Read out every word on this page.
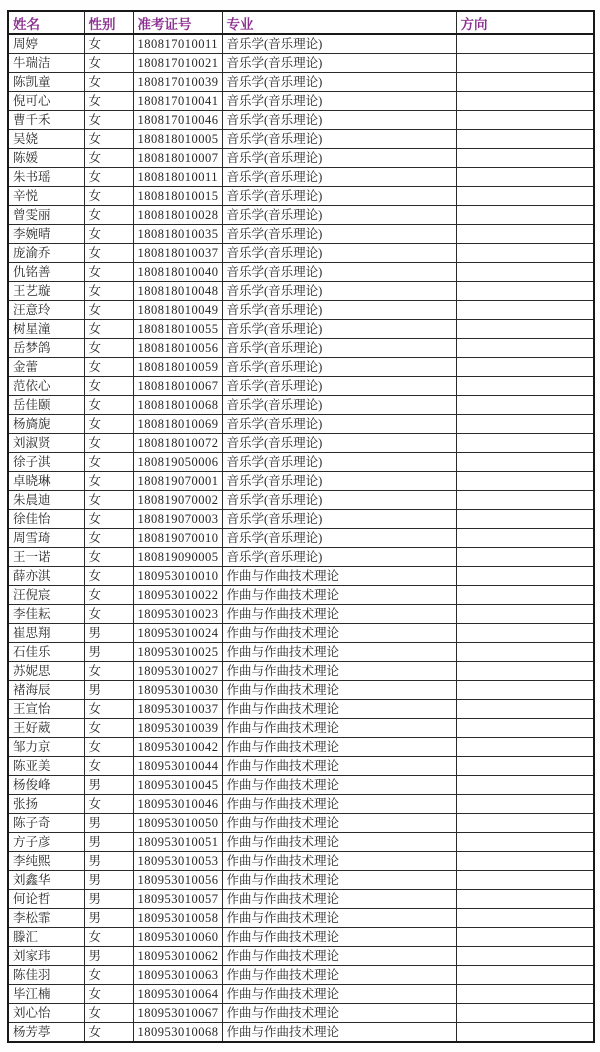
姓名	性别	准考证号	专业	方向
周婷	女	180817010011	音乐学(音乐理论)	
牛瑞洁	女	180817010021	音乐学(音乐理论)	
陈凯童	女	180817010039	音乐学(音乐理论)	
倪可心	女	180817010041	音乐学(音乐理论)	
曹千禾	女	180817010046	音乐学(音乐理论)	
吴娆	女	180818010005	音乐学(音乐理论)	
陈媛	女	180818010007	音乐学(音乐理论)	
朱书瑶	女	180818010011	音乐学(音乐理论)	
辛悦	女	180818010015	音乐学(音乐理论)	
曾雯丽	女	180818010028	音乐学(音乐理论)	
李婉晴	女	180818010035	音乐学(音乐理论)	
庞渝乔	女	180818010037	音乐学(音乐理论)	
仇铭善	女	180818010040	音乐学(音乐理论)	
王艺璇	女	180818010048	音乐学(音乐理论)	
汪意玲	女	180818010049	音乐学(音乐理论)	
树星潼	女	180818010055	音乐学(音乐理论)	
岳梦鸽	女	180818010056	音乐学(音乐理论)	
金蕾	女	180818010059	音乐学(音乐理论)	
范依心	女	180818010067	音乐学(音乐理论)	
岳佳颐	女	180818010068	音乐学(音乐理论)	
杨旖旎	女	180818010069	音乐学(音乐理论)	
刘淑贤	女	180818010072	音乐学(音乐理论)	
徐子淇	女	180819050006	音乐学(音乐理论)	
卓晓琳	女	180819070001	音乐学(音乐理论)	
朱晨迪	女	180819070002	音乐学(音乐理论)	
徐佳怡	女	180819070003	音乐学(音乐理论)	
周雪琦	女	180819070010	音乐学(音乐理论)	
王一诺	女	180819090005	音乐学(音乐理论)	
薛亦淇	女	180953010010	作曲与作曲技术理论	
汪倪宸	女	180953010022	作曲与作曲技术理论	
李佳耘	女	180953010023	作曲与作曲技术理论	
崔思翔	男	180953010024	作曲与作曲技术理论	
石佳乐	男	180953010025	作曲与作曲技术理论	
苏妮思	女	180953010027	作曲与作曲技术理论	
褚海辰	男	180953010030	作曲与作曲技术理论	
王宣怡	女	180953010037	作曲与作曲技术理论	
王好葳	女	180953010039	作曲与作曲技术理论	
邹力京	女	180953010042	作曲与作曲技术理论	
陈亚美	女	180953010044	作曲与作曲技术理论	
杨俊峰	男	180953010045	作曲与作曲技术理论	
张扬	女	180953010046	作曲与作曲技术理论	
陈子奇	男	180953010050	作曲与作曲技术理论	
方子彦	男	180953010051	作曲与作曲技术理论	
李纯熙	男	180953010053	作曲与作曲技术理论	
刘鑫华	男	180953010056	作曲与作曲技术理论	
何论哲	男	180953010057	作曲与作曲技术理论	
李松霏	男	180953010058	作曲与作曲技术理论	
滕汇	女	180953010060	作曲与作曲技术理论	
刘家玮	男	180953010062	作曲与作曲技术理论	
陈佳羽	女	180953010063	作曲与作曲技术理论	
毕江楠	女	180953010064	作曲与作曲技术理论	
刘心怡	女	180953010067	作曲与作曲技术理论	
杨芳葶	女	180953010068	作曲与作曲技术理论	
